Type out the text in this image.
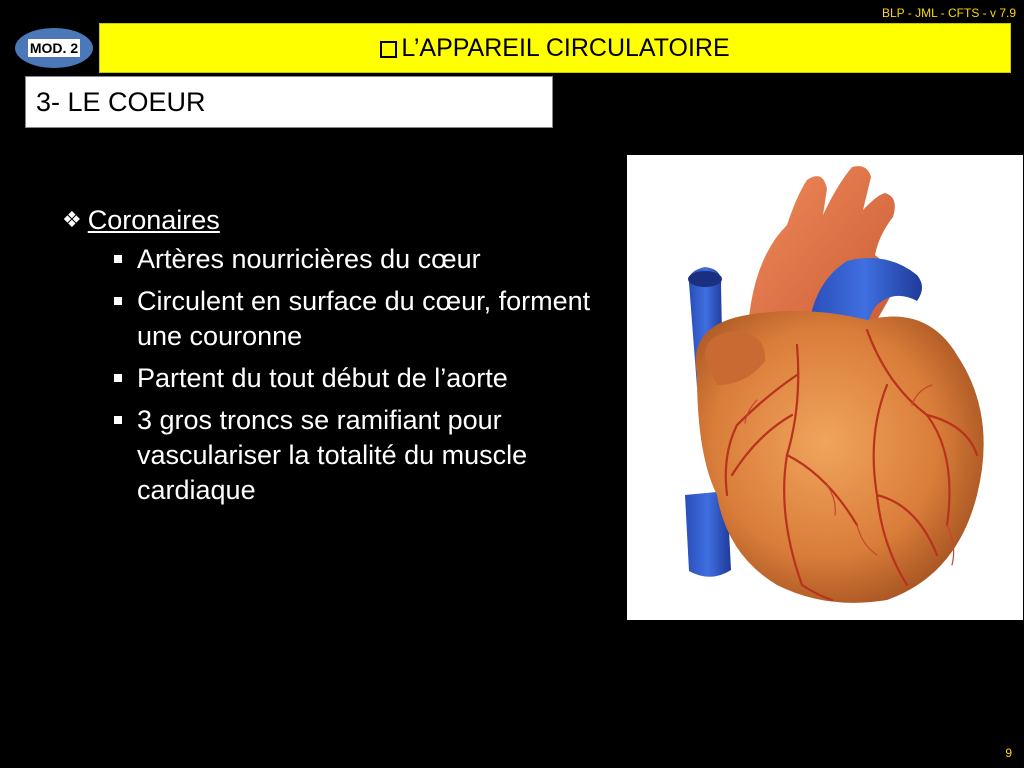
BLP - JML - CFTS - v 7.9
MOD. 2	L’APPAREIL CIRCULATOIRE
3- LE COEUR
❖ Coronaires
Artères nourricières du cœur
Circulent en surface du cœur, forment une couronne
Partent du tout début de l’aorte
3 gros troncs se ramifiant pour vasculariser la totalité du muscle cardiaque
9
